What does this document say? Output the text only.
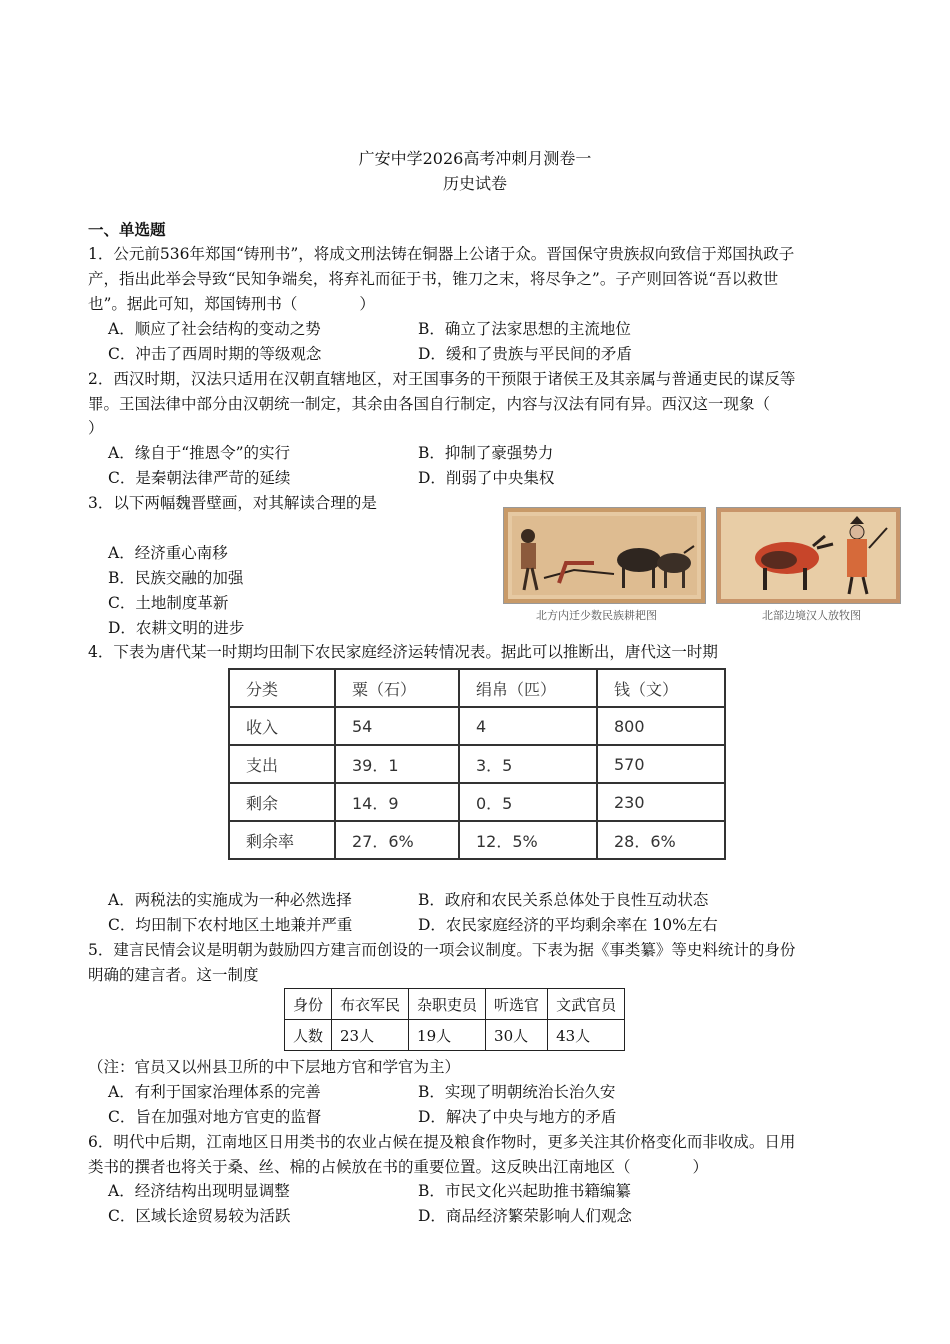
广安中学2026高考冲刺月测卷一
历史试卷
一、单选题
1．公元前536年郑国“铸刑书”，将成文刑法铸在铜器上公诸于众。晋国保守贵族叔向致信于郑国执政子
产，指出此举会导致“民知争端矣，将弃礼而征于书，锥刀之末，将尽争之”。子产则回答说“吾以救世
也”。据此可知，郑国铸刑书（　　　　）
A．顺应了社会结构的变动之势	B．确立了法家思想的主流地位
C．冲击了西周时期的等级观念	D．缓和了贵族与平民间的矛盾
2．西汉时期，汉法只适用在汉朝直辖地区，对王国事务的干预限于诸侯王及其亲属与普通吏民的谋反等
罪。王国法律中部分由汉朝统一制定，其余由各国自行制定，内容与汉法有同有异。西汉这一现象（
）
A．缘自于“推恩令”的实行	B．抑制了豪强势力
C．是秦朝法律严苛的延续	D．削弱了中央集权
3．以下两幅魏晋壁画，对其解读合理的是
A．经济重心南移
B．民族交融的加强
C．土地制度革新
D．农耕文明的进步
北方内迁少数民族耕耙图	北部边境汉人放牧图
4．下表为唐代某一时期均田制下农民家庭经济运转情况表。据此可以推断出，唐代这一时期
分类	粟（石）	绢帛（匹）	钱（文）
收入	54	4	800
支出	39．1	3．5	570
剩余	14．9	0．5	230
剩余率	27．6%	12．5%	28．6%
A．两税法的实施成为一种必然选择	B．政府和农民关系总体处于良性互动状态
C．均田制下农村地区土地兼并严重	D．农民家庭经济的平均剩余率在 10%左右
5．建言民情会议是明朝为鼓励四方建言而创设的一项会议制度。下表为据《事类纂》等史料统计的身份
明确的建言者。这一制度
身份	布衣军民	杂职吏员	听选官	文武官员
人数	23人	19人	30人	43人
（注：官员又以州县卫所的中下层地方官和学官为主）
A．有利于国家治理体系的完善	B．实现了明朝统治长治久安
C．旨在加强对地方官吏的监督	D．解决了中央与地方的矛盾
6．明代中后期，江南地区日用类书的农业占候在提及粮食作物时，更多关注其价格变化而非收成。日用
类书的撰者也将关于桑、丝、棉的占候放在书的重要位置。这反映出江南地区（　　　　）
A．经济结构出现明显调整	B．市民文化兴起助推书籍编纂
C．区域长途贸易较为活跃	D．商品经济繁荣影响人们观念
